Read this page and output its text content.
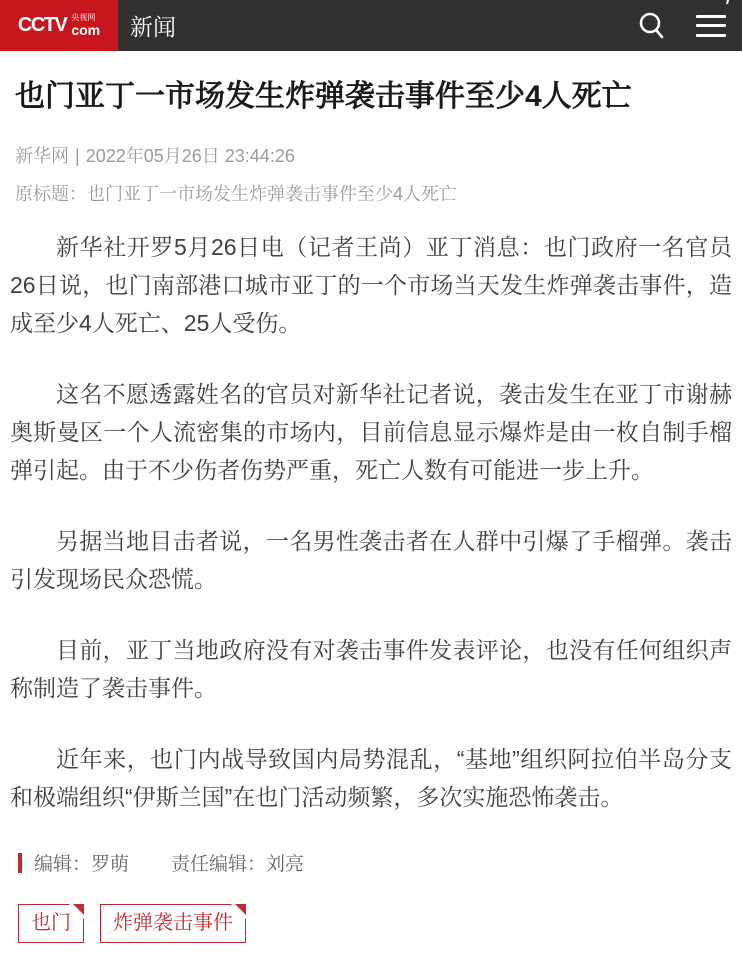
CCTV 央视网
com 新闻
也门亚丁一市场发生炸弹袭击事件至少4人死亡
新华网 | 2022年05月26日 23:44:26
原标题：也门亚丁一市场发生炸弹袭击事件至少4人死亡

新华社开罗5月26日电（记者王尚）亚丁消息：也门政府一名官员26日说，也门南部港口城市亚丁的一个市场当天发生炸弹袭击事件，造成至少4人死亡、25人受伤。

这名不愿透露姓名的官员对新华社记者说，袭击发生在亚丁市谢赫奥斯曼区一个人流密集的市场内，目前信息显示爆炸是由一枚自制手榴弹引起。由于不少伤者伤势严重，死亡人数有可能进一步上升。

另据当地目击者说，一名男性袭击者在人群中引爆了手榴弹。袭击引发现场民众恐慌。

目前，亚丁当地政府没有对袭击事件发表评论，也没有任何组织声称制造了袭击事件。

近年来，也门内战导致国内局势混乱，“基地”组织阿拉伯半岛分支和极端组织“伊斯兰国”在也门活动频繁，多次实施恐怖袭击。

编辑：罗萌 责任编辑：刘亮
也门	炸弹袭击事件
